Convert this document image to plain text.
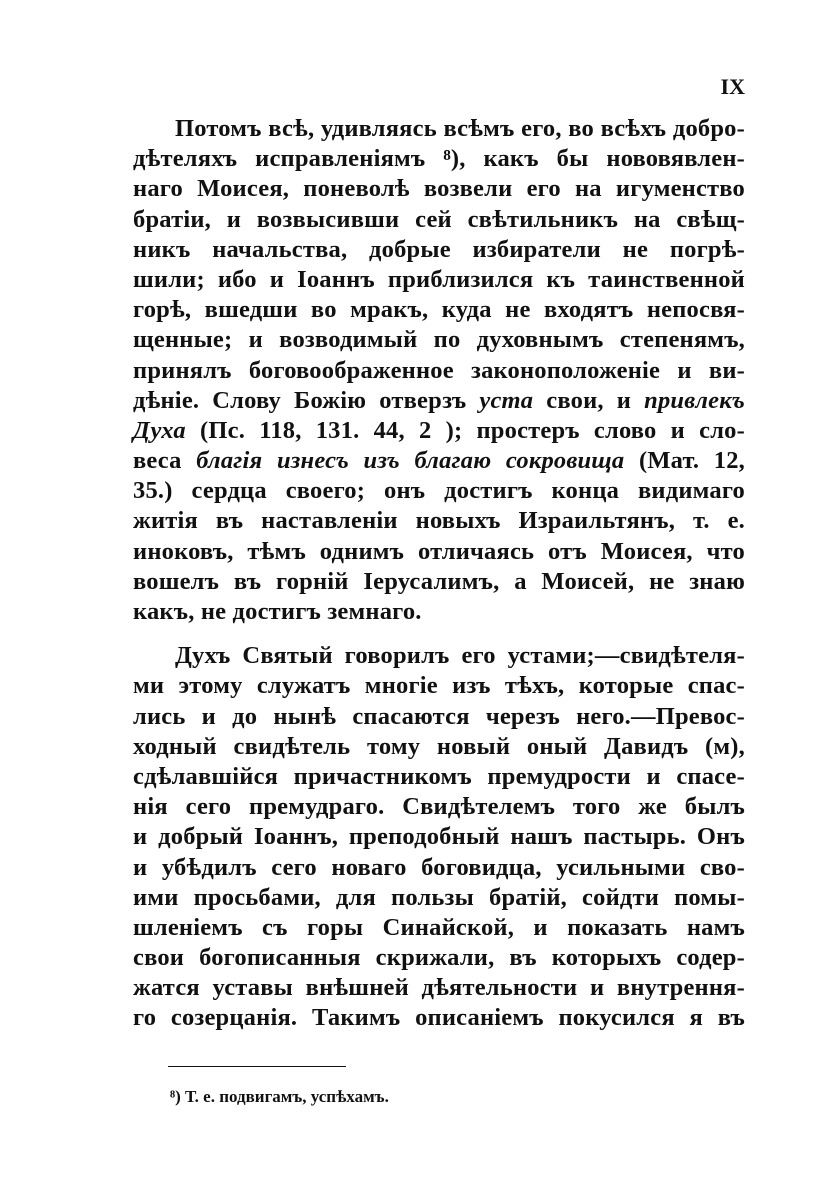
IX
Потомъ всѣ, удивляясь всѣмъ его, во всѣхъ добро-
дѣтеляхъ исправленіямъ ⁸), какъ бы нововявлен-
наго Моисея, поневолѣ возвели его на игуменство
братіи, и возвысивши сей свѣтильникъ на свѣщ-
никъ начальства, добрые избиратели не погрѣ-
шили; ибо и Іоаннъ приблизился къ таинственной
горѣ, вшедши во мракъ, куда не входятъ непосвя-
щенные; и возводимый по духовнымъ степенямъ,
принялъ боговоображенное законоположеніе и ви-
дѣніе. Слову Божію отверзъ уста свои, и привлекъ
Духа (Пс. 118, 131. 44, 2 ); простеръ слово и сло-
веса благія изнесъ изъ благаю сокровища (Мат. 12,
35.) сердца своего; онъ достигъ конца видимаго
житія въ наставленіи новыхъ Израильтянъ, т. е.
иноковъ, тѣмъ однимъ отличаясь отъ Моисея, что
вошелъ въ горній Іерусалимъ, а Моисей, не знаю
какъ, не достигъ земнаго.
Духъ Святый говорилъ его устами;—свидѣтеля-
ми этому служатъ многіе изъ тѣхъ, которые спас-
лись и до нынѣ спасаются черезъ него.—Превос-
ходный свидѣтель тому новый оный Давидъ (м),
сдѣлавшійся причастникомъ премудрости и спасе-
нія сего премудраго. Свидѣтелемъ того же былъ
и добрый Іоаннъ, преподобный нашъ пастырь. Онъ
и убѣдилъ сего новаго боговидца, усильными сво-
ими просьбами, для пользы братій, сойдти помы-
шленіемъ съ горы Синайской, и показать намъ
свои богописанныя скрижали, въ которыхъ содер-
жатся уставы внѣшней дѣятельности и внутрення-
го созерцанія. Такимъ описаніемъ покусился я въ
⁸) Т. е. подвигамъ, успѣхамъ.
